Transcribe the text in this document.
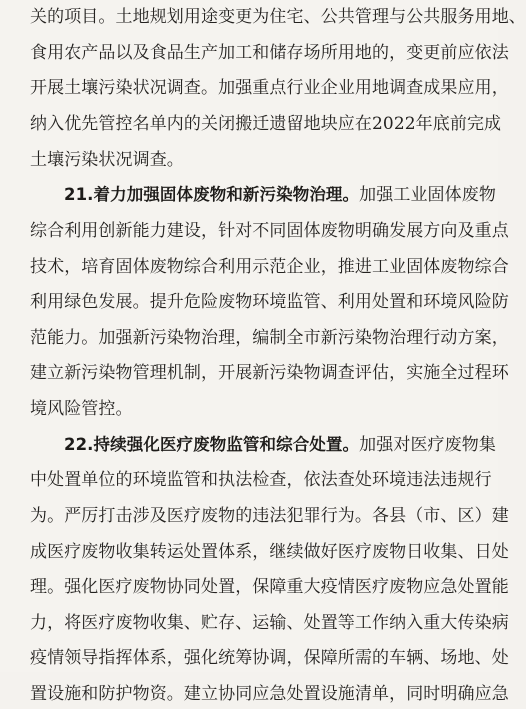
关的项目。土地规划用途变更为住宅、公共管理与公共服务用地、
食用农产品以及食品生产加工和储存场所用地的，变更前应依法
开展土壤污染状况调查。加强重点行业企业用地调查成果应用，
纳入优先管控名单内的关闭搬迁遗留地块应在2022年底前完成
土壤污染状况调查。
21.着力加强固体废物和新污染物治理。加强工业固体废物
综合利用创新能力建设，针对不同固体废物明确发展方向及重点
技术，培育固体废物综合利用示范企业，推进工业固体废物综合
利用绿色发展。提升危险废物环境监管、利用处置和环境风险防
范能力。加强新污染物治理，编制全市新污染物治理行动方案，
建立新污染物管理机制，开展新污染物调查评估，实施全过程环
境风险管控。
22.持续强化医疗废物监管和综合处置。加强对医疗废物集
中处置单位的环境监管和执法检查，依法查处环境违法违规行
为。严厉打击涉及医疗废物的违法犯罪行为。各县（市、区）建
成医疗废物收集转运处置体系，继续做好医疗废物日收集、日处
理。强化医疗废物协同处置，保障重大疫情医疗废物应急处置能
力，将医疗废物收集、贮存、运输、处置等工作纳入重大传染病
疫情领导指挥体系，强化统筹协调，保障所需的车辆、场地、处
置设施和防护物资。建立协同应急处置设施清单，同时明确应急
